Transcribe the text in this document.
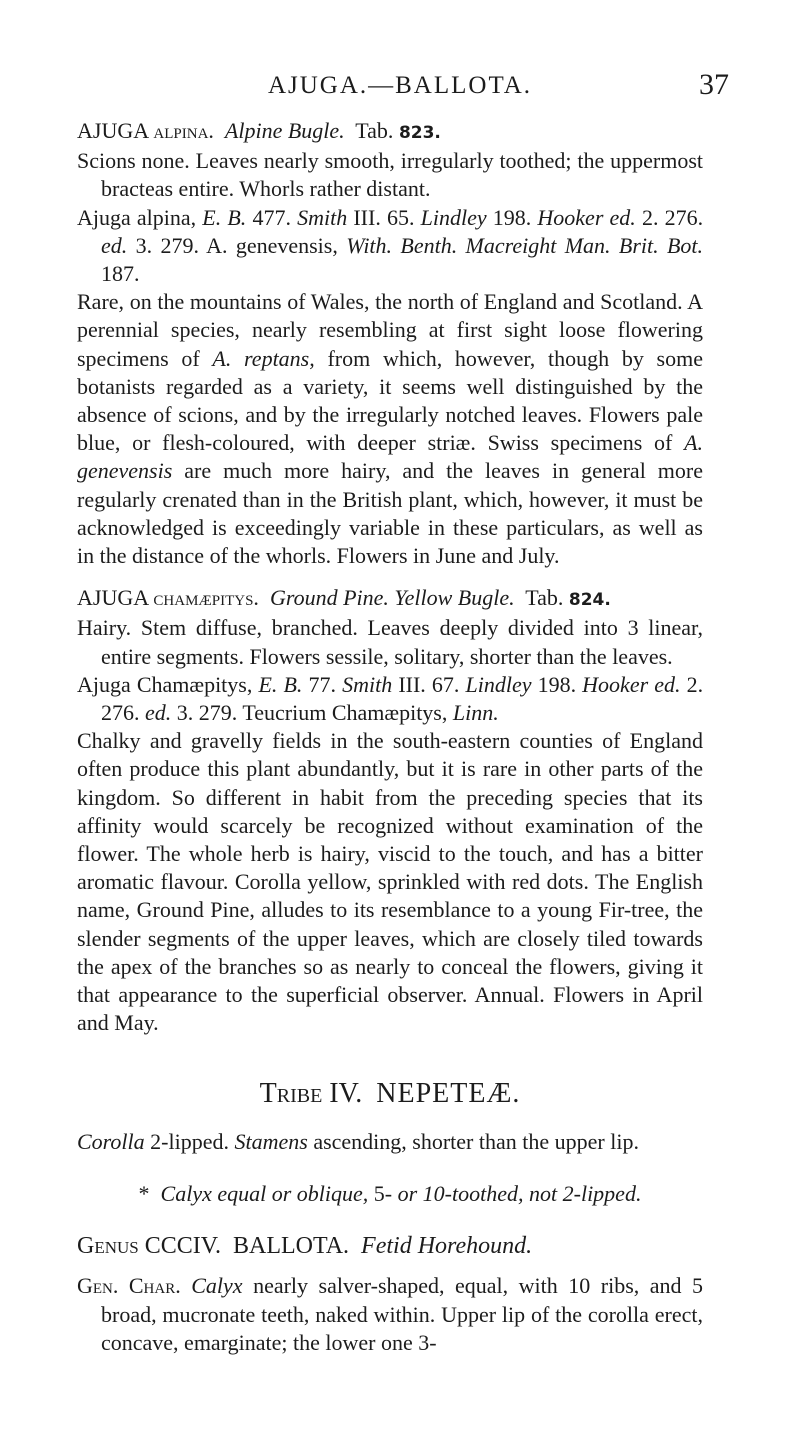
AJUGA.—BALLOTA.	37

AJUGA alpina. Alpine Bugle. Tab. 823.

Scions none. Leaves nearly smooth, irregularly toothed; the uppermost bracteas entire. Whorls rather distant.

Ajuga alpina, E. B. 477. Smith III. 65. Lindley 198. Hooker ed. 2. 276. ed. 3. 279. A. genevensis, With. Benth. Macreight Man. Brit. Bot. 187.

Rare, on the mountains of Wales, the north of England and Scotland. A perennial species, nearly resembling at first sight loose flowering specimens of A. reptans, from which, however, though by some botanists regarded as a variety, it seems well distinguished by the absence of scions, and by the irregularly notched leaves. Flowers pale blue, or flesh-coloured, with deeper striæ. Swiss specimens of A. genevensis are much more hairy, and the leaves in general more regularly crenated than in the British plant, which, however, it must be acknowledged is exceedingly variable in these particulars, as well as in the distance of the whorls. Flowers in June and July.

AJUGA chamæpitys. Ground Pine. Yellow Bugle. Tab. 824.

Hairy. Stem diffuse, branched. Leaves deeply divided into 3 linear, entire segments. Flowers sessile, solitary, shorter than the leaves.

Ajuga Chamæpitys, E. B. 77. Smith III. 67. Lindley 198. Hooker ed. 2. 276. ed. 3. 279. Teucrium Chamæpitys, Linn.

Chalky and gravelly fields in the south-eastern counties of England often produce this plant abundantly, but it is rare in other parts of the kingdom. So different in habit from the preceding species that its affinity would scarcely be recognized without examination of the flower. The whole herb is hairy, viscid to the touch, and has a bitter aromatic flavour. Corolla yellow, sprinkled with red dots. The English name, Ground Pine, alludes to its resemblance to a young Fir-tree, the slender segments of the upper leaves, which are closely tiled towards the apex of the branches so as nearly to conceal the flowers, giving it that appearance to the superficial observer. Annual. Flowers in April and May.

Tribe IV. NEPETEÆ.

Corolla 2-lipped. Stamens ascending, shorter than the upper lip.

* Calyx equal or oblique, 5- or 10-toothed, not 2-lipped.

Genus CCCIV. BALLOTA. Fetid Horehound.

Gen. Char. Calyx nearly salver-shaped, equal, with 10 ribs, and 5 broad, mucronate teeth, naked within. Upper lip of the corolla erect, concave, emarginate; the lower one 3-
